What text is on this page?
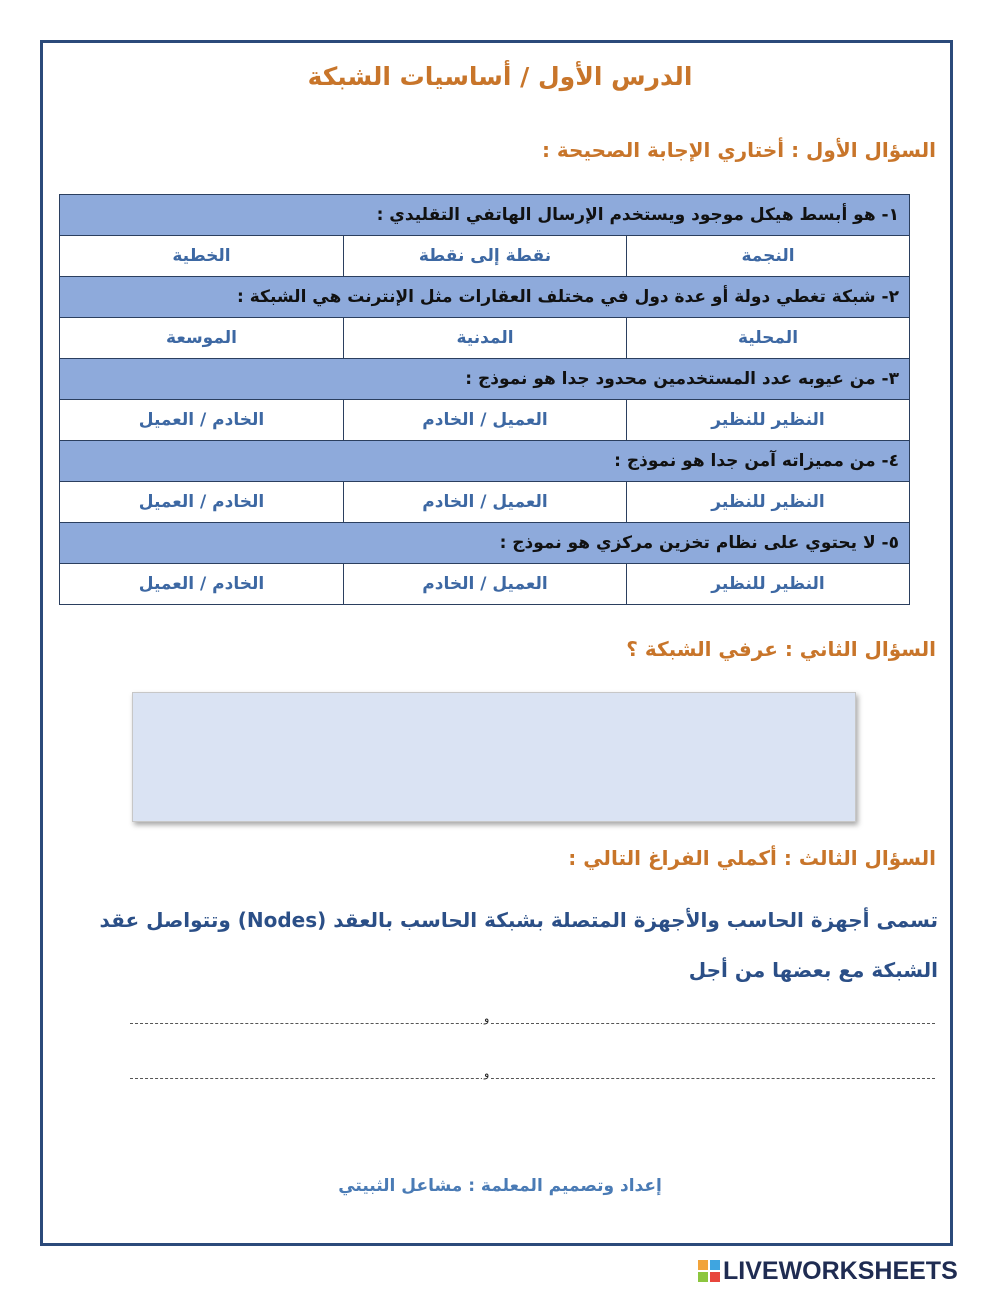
الدرس الأول / أساسيات الشبكة
السؤال الأول : أختاري الإجابة الصحيحة :
١- هو أبسط هيكل موجود ويستخدم الإرسال الهاتفي التقليدي :		
النجمة	نقطة إلى نقطة	الخطية
٢- شبكة تغطي دولة أو عدة دول في مختلف العقارات مثل الإنترنت هي الشبكة :		
المحلية	المدنية	الموسعة
٣- من عيوبه عدد المستخدمين محدود جدا هو نموذج :		
النظير للنظير	العميل / الخادم	الخادم / العميل
٤- من مميزاته آمن جدا هو نموذج :		
النظير للنظير	العميل / الخادم	الخادم / العميل
٥- لا يحتوي على نظام تخزين مركزي هو نموذج :		
النظير للنظير	العميل / الخادم	الخادم / العميل
السؤال الثاني : عرفي الشبكة ؟
السؤال الثالث : أكملي الفراغ التالي :
تسمى أجهزة الحاسب والأجهزة المتصلة بشبكة الحاسب بالعقد (Nodes) وتتواصل عقد
الشبكة مع بعضها من أجل
و
و
إعداد وتصميم المعلمة : مشاعل الثبيتي
LIVEWORKSHEETS
